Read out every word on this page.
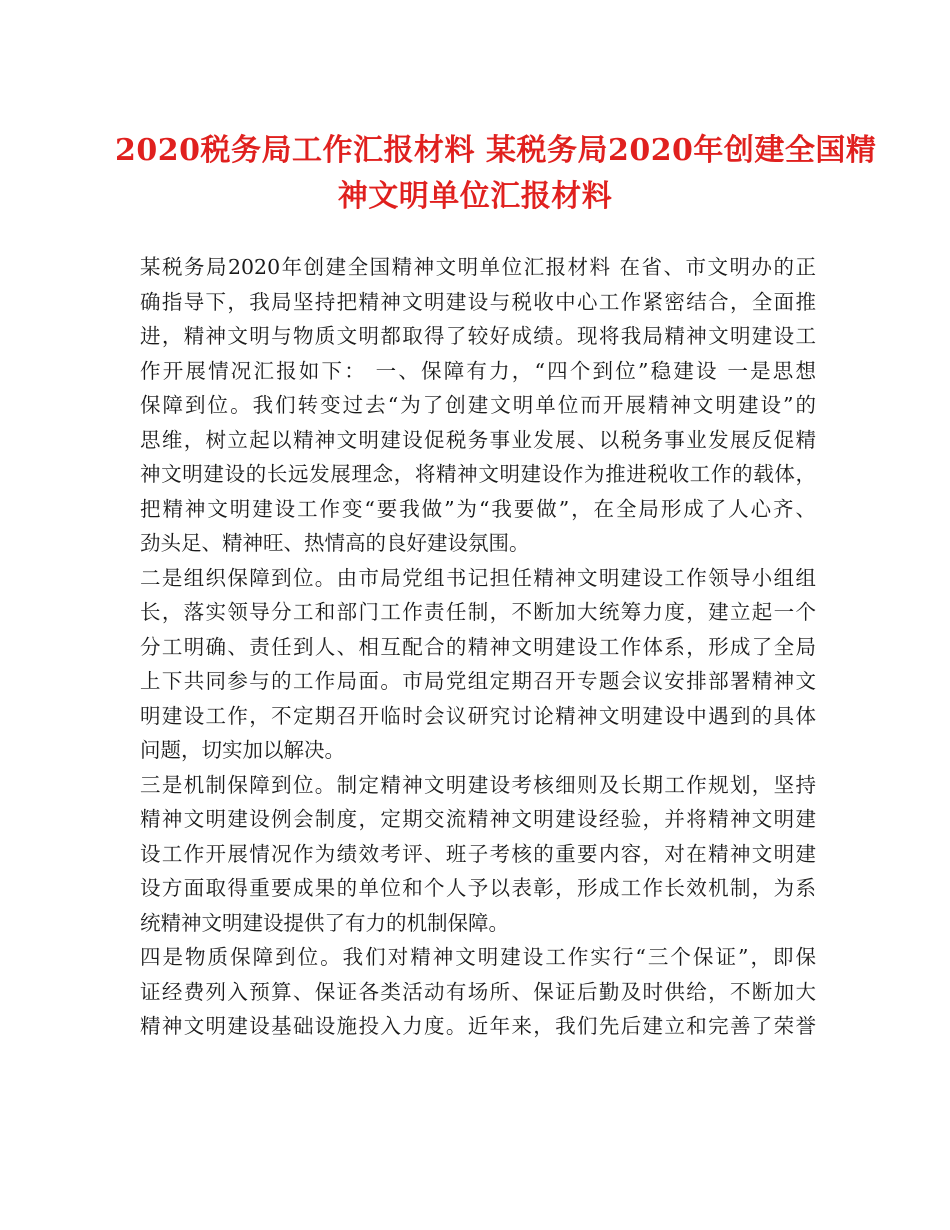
2020税务局工作汇报材料 某税务局2020年创建全国精
神文明单位汇报材料
某税务局2020年创建全国精神文明单位汇报材料 在省、市文明办的正
确指导下，我局坚持把精神文明建设与税收中心工作紧密结合，全面推
进，精神文明与物质文明都取得了较好成绩。现将我局精神文明建设工
作开展情况汇报如下： 一、保障有力，“四个到位”稳建设 一是思想
保障到位。我们转变过去“为了创建文明单位而开展精神文明建设”的
思维，树立起以精神文明建设促税务事业发展、以税务事业发展反促精
神文明建设的长远发展理念，将精神文明建设作为推进税收工作的载体，
把精神文明建设工作变“要我做”为“我要做”，在全局形成了人心齐、
劲头足、精神旺、热情高的良好建设氛围。
二是组织保障到位。由市局党组书记担任精神文明建设工作领导小组组
长，落实领导分工和部门工作责任制，不断加大统筹力度，建立起一个
分工明确、责任到人、相互配合的精神文明建设工作体系，形成了全局
上下共同参与的工作局面。市局党组定期召开专题会议安排部署精神文
明建设工作，不定期召开临时会议研究讨论精神文明建设中遇到的具体
问题，切实加以解决。
三是机制保障到位。制定精神文明建设考核细则及长期工作规划，坚持
精神文明建设例会制度，定期交流精神文明建设经验，并将精神文明建
设工作开展情况作为绩效考评、班子考核的重要内容，对在精神文明建
设方面取得重要成果的单位和个人予以表彰，形成工作长效机制，为系
统精神文明建设提供了有力的机制保障。
四是物质保障到位。我们对精神文明建设工作实行“三个保证”，即保
证经费列入预算、保证各类活动有场所、保证后勤及时供给，不断加大
精神文明建设基础设施投入力度。近年来，我们先后建立和完善了荣誉
